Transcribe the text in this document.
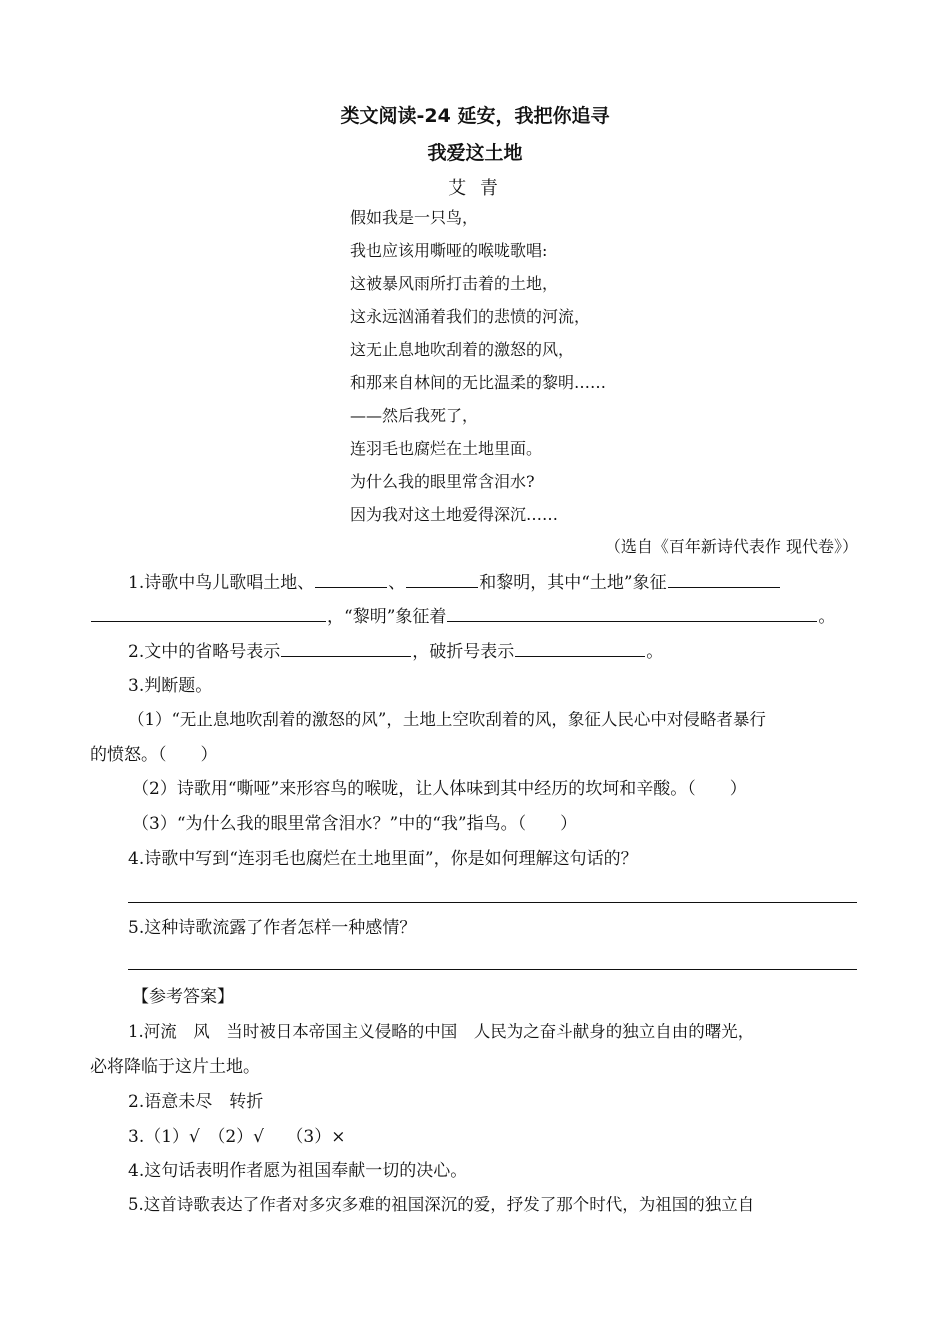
类文阅读-24 延安，我把你追寻
我爱这土地
艾 青
假如我是一只鸟，
我也应该用嘶哑的喉咙歌唱:
这被暴风雨所打击着的土地，
这永远汹涌着我们的悲愤的河流，
这无止息地吹刮着的激怒的风，
和那来自林间的无比温柔的黎明……
——然后我死了，
连羽毛也腐烂在土地里面。
为什么我的眼里常含泪水?
因为我对这土地爱得深沉……
（选自《百年新诗代表作 现代卷》）
1.诗歌中鸟儿歌唱土地、	、	和黎明，其中“土地”象征
，“黎明”象征着	。
2.文中的省略号表示	，破折号表示	。
3.判断题。
（1）“无止息地吹刮着的激怒的风”，土地上空吹刮着的风，象征人民心中对侵略者暴行
的愤怒。（　　）
（2）诗歌用“嘶哑”来形容鸟的喉咙，让人体味到其中经历的坎坷和辛酸。（　　）
（3）“为什么我的眼里常含泪水？”中的“我”指鸟。（　　）
4.诗歌中写到“连羽毛也腐烂在土地里面”，你是如何理解这句话的？
5.这种诗歌流露了作者怎样一种感情？
【参考答案】
1.河流　风　当时被日本帝国主义侵略的中国　人民为之奋斗献身的独立自由的曙光，
必将降临于这片土地。
2.语意未尽　转折
3.（1）√　（2）√　 （3）×
4.这句话表明作者愿为祖国奉献一切的决心。
5.这首诗歌表达了作者对多灾多难的祖国深沉的爱，抒发了那个时代，为祖国的独立自
